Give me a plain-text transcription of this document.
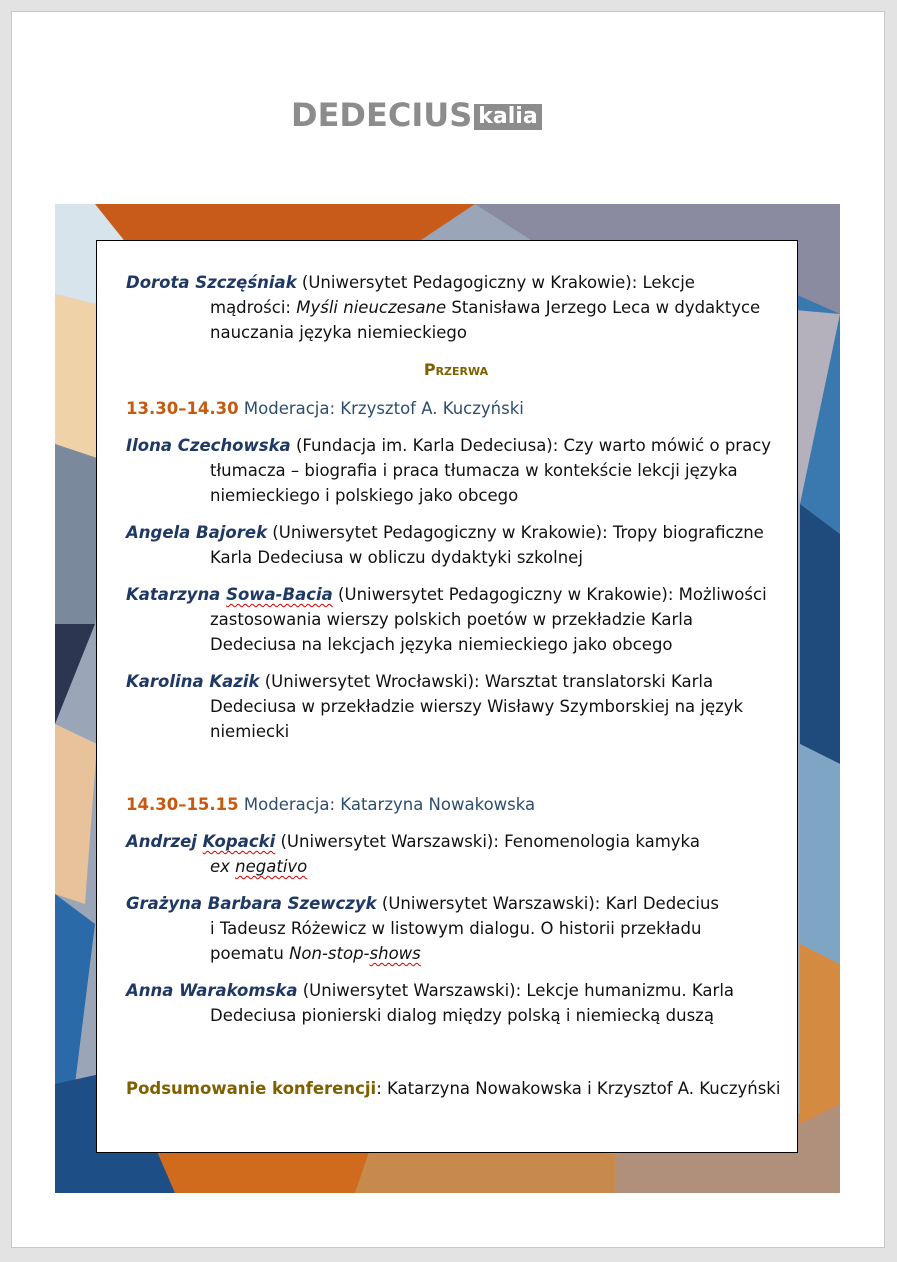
DEDECIUS kalia
Dorota Szczęśniak (Uniwersytet Pedagogiczny w Krakowie): Lekcje
mądrości: Myśli nieuczesane Stanisława Jerzego Leca w dydaktyce
nauczania języka niemieckiego
Przerwa
13.30–14.30 Moderacja: Krzysztof A. Kuczyński
Ilona Czechowska (Fundacja im. Karla Dedeciusa): Czy warto mówić o pracy
tłumacza – biografia i praca tłumacza w kontekście lekcji języka
niemieckiego i polskiego jako obcego
Angela Bajorek (Uniwersytet Pedagogiczny w Krakowie): Tropy biograficzne
Karla Dedeciusa w obliczu dydaktyki szkolnej
Katarzyna Sowa-Bacia (Uniwersytet Pedagogiczny w Krakowie): Możliwości
zastosowania wierszy polskich poetów w przekładzie Karla
Dedeciusa na lekcjach języka niemieckiego jako obcego
Karolina Kazik (Uniwersytet Wrocławski): Warsztat translatorski Karla
Dedeciusa w przekładzie wierszy Wisławy Szymborskiej na język
niemiecki
14.30–15.15 Moderacja: Katarzyna Nowakowska
Andrzej Kopacki (Uniwersytet Warszawski): Fenomenologia kamyka
ex negativo
Grażyna Barbara Szewczyk (Uniwersytet Warszawski): Karl Dedecius
i Tadeusz Różewicz w listowym dialogu. O historii przekładu
poematu Non-stop-shows
Anna Warakomska (Uniwersytet Warszawski): Lekcje humanizmu. Karla
Dedeciusa pionierski dialog między polską i niemiecką duszą
Podsumowanie konferencji: Katarzyna Nowakowska i Krzysztof A. Kuczyński
